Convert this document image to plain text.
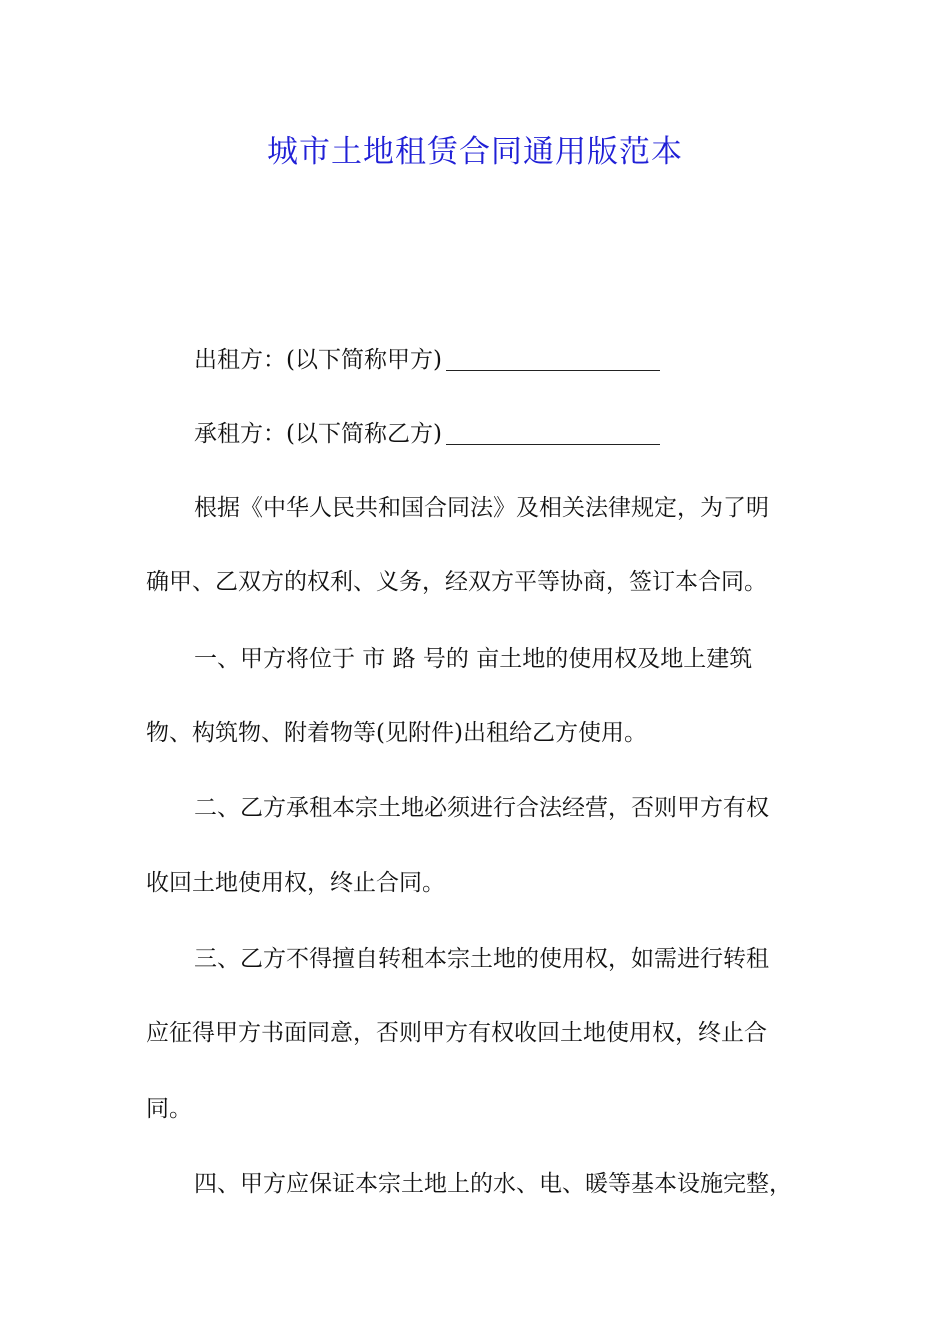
城市土地租赁合同通用版范本
出租方：(以下简称甲方)
承租方：(以下简称乙方)
根据《中华人民共和国合同法》及相关法律规定，为了明
确甲、乙双方的权利、义务，经双方平等协商，签订本合同。
一、甲方将位于 市 路 号的 亩土地的使用权及地上建筑
物、构筑物、附着物等(见附件)出租给乙方使用。
二、乙方承租本宗土地必须进行合法经营，否则甲方有权
收回土地使用权，终止合同。
三、乙方不得擅自转租本宗土地的使用权，如需进行转租
应征得甲方书面同意，否则甲方有权收回土地使用权，终止合
同。
四、甲方应保证本宗土地上的水、电、暖等基本设施完整，
